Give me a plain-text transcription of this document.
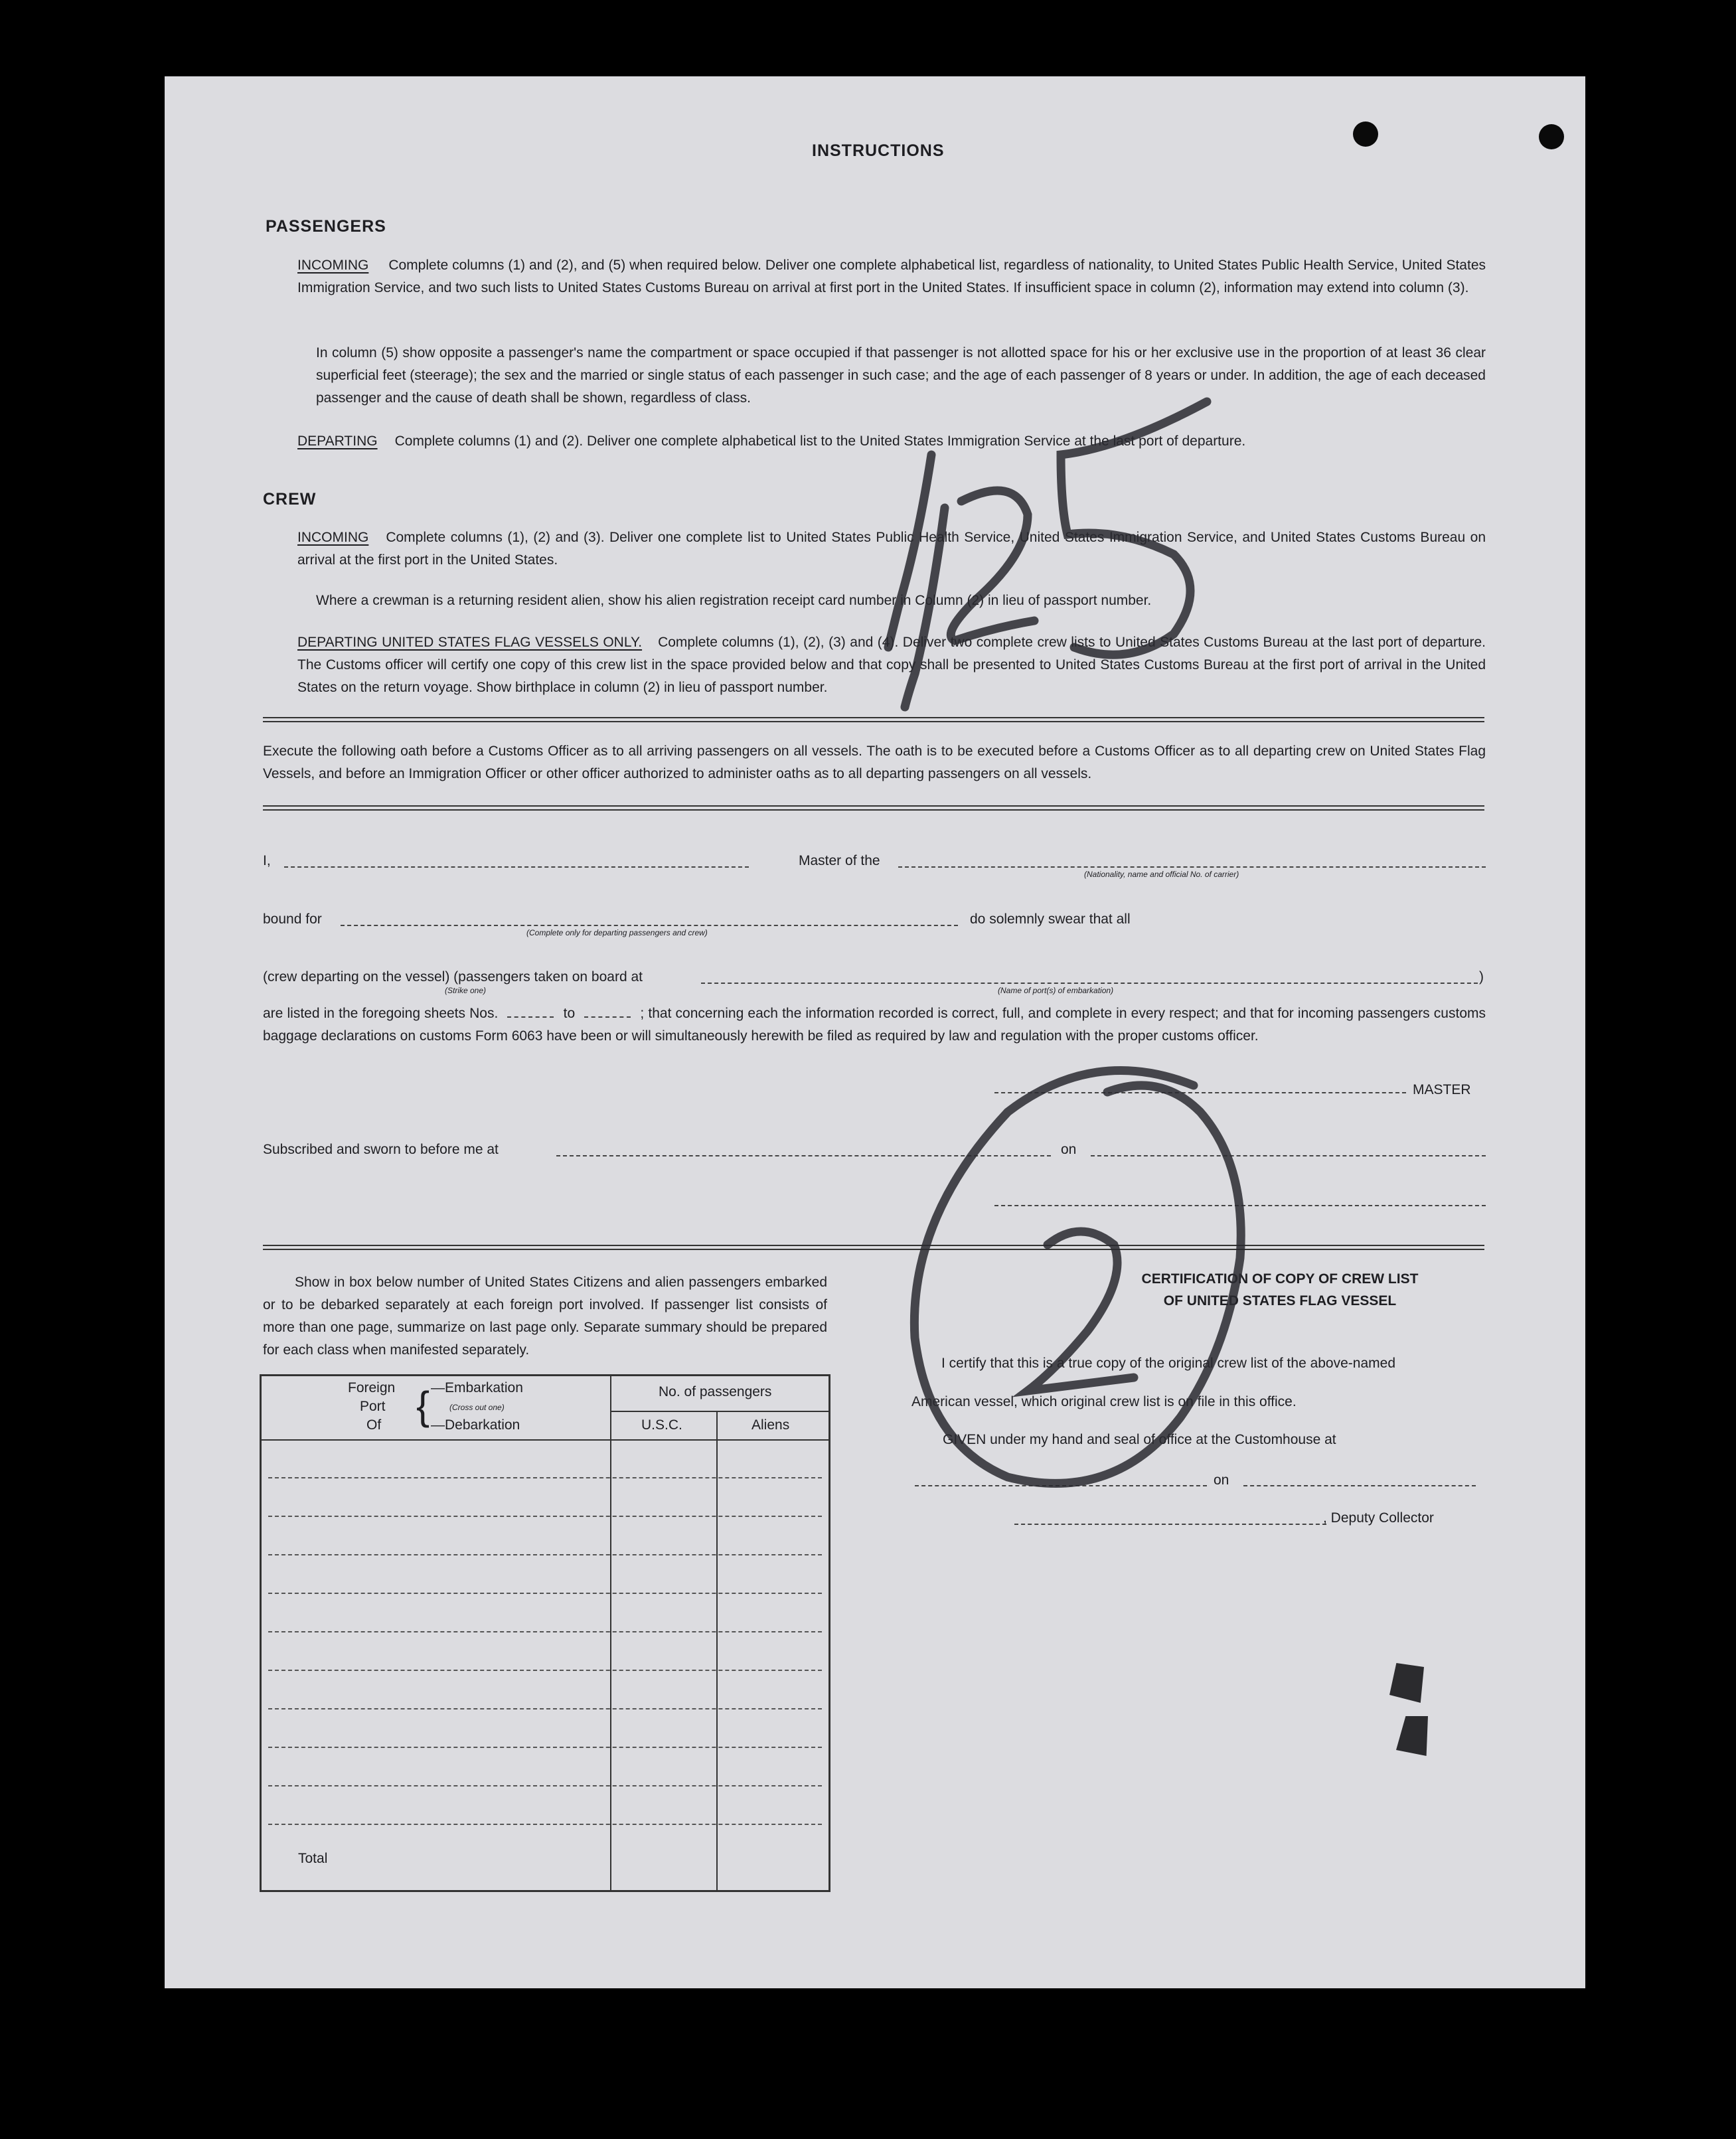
INSTRUCTIONS
PASSENGERS
INCOMING Complete columns (1) and (2), and (5) when required below. Deliver one complete alphabetical list, regardless of nationality, to United States Public Health Service, United States Immigration Service, and two such lists to United States Customs Bureau on arrival at first port in the United States. If insufficient space in column (2), information may extend into column (3).
In column (5) show opposite a passenger's name the compartment or space occupied if that passenger is not allotted space for his or her exclusive use in the proportion of at least 36 clear superficial feet (steerage); the sex and the married or single status of each passenger in such case; and the age of each passenger of 8 years or under. In addition, the age of each deceased passenger and the cause of death shall be shown, regardless of class.
DEPARTING Complete columns (1) and (2). Deliver one complete alphabetical list to the United States Immigration Service at the last port of departure.
CREW
INCOMING Complete columns (1), (2) and (3). Deliver one complete list to United States Public Health Service, United States Immigration Service, and United States Customs Bureau on arrival at the first port in the United States.
Where a crewman is a returning resident alien, show his alien registration receipt card number in Column (2) in lieu of passport number.
DEPARTING UNITED STATES FLAG VESSELS ONLY. Complete columns (1), (2), (3) and (4). Deliver two complete crew lists to United States Customs Bureau at the last port of departure. The Customs officer will certify one copy of this crew list in the space provided below and that copy shall be presented to United States Customs Bureau at the first port of arrival in the United States on the return voyage. Show birthplace in column (2) in lieu of passport number.
Execute the following oath before a Customs Officer as to all arriving passengers on all vessels. The oath is to be executed before a Customs Officer as to all departing crew on United States Flag Vessels, and before an Immigration Officer or other officer authorized to administer oaths as to all departing passengers on all vessels.
I,	Master of the
(Nationality, name and official No. of carrier)
bound for
(Complete only for departing passengers and crew)
do solemnly swear that all
(crew departing on the vessel) (passengers taken on board at	)
(Strike one)	(Name of port(s) of embarkation)
are listed in the foregoing sheets Nos.	to	; that concerning each the information recorded is correct, full, and complete in every respect; and that for incoming passengers customs baggage declarations on customs Form 6063 have been or will simultaneously herewith be filed as required by law and regulation with the proper customs officer.
MASTER
Subscribed and sworn to before me at	on
Show in box below number of United States Citizens and alien passengers embarked or to be debarked separately at each foreign port involved. If passenger list consists of more than one page, summarize on last page only. Separate summary should be prepared for each class when manifested separately.
Foreign
Port
Of { —Embarkation
(Cross out one)
—Debarkation
No. of passengers
U.S.C.	Aliens
Total
CERTIFICATION OF COPY OF CREW LIST
OF UNITED STATES FLAG VESSEL
I certify that this is a true copy of the original crew list of the above-named
American vessel, which original crew list is on file in this office.
GIVEN under my hand and seal of office at the Customhouse at
on
, Deputy Collector
